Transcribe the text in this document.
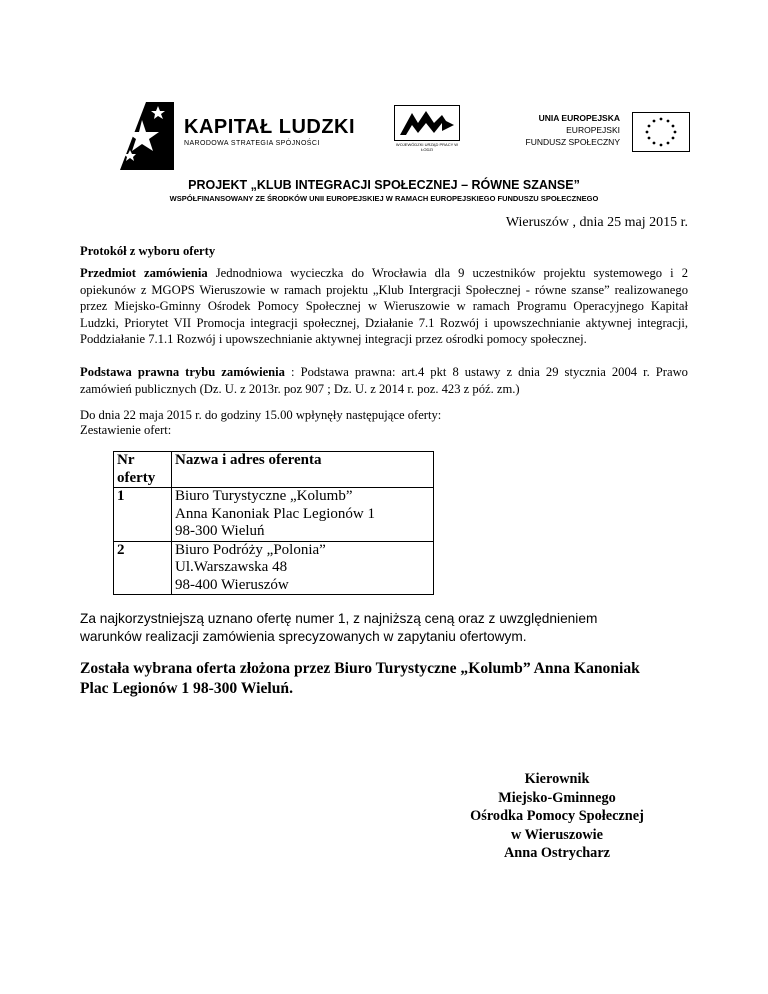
KAPITAŁ LUDZKI
NARODOWA STRATEGIA SPÓJNOŚCI	WOJEWÓDZKI URZĄD PRACY W ŁODZI
UNIA EUROPEJSKA
EUROPEJSKI
FUNDUSZ SPOŁECZNY
PROJEKT „KLUB INTEGRACJI SPOŁECZNEJ – RÓWNE SZANSE”
WSPÓŁFINANSOWANY ZE ŚRODKÓW UNII EUROPEJSKIEJ W RAMACH EUROPEJSKIEGO FUNDUSZU SPOŁECZNEGO
Wieruszów , dnia 25 maj 2015 r.
Protokół z wyboru oferty
Przedmiot zamówienia Jednodniowa wycieczka do Wrocławia dla 9 uczestników projektu systemowego i 2 opiekunów z MGOPS Wieruszowie w ramach projektu „Klub Intergracji Społecznej - równe szanse” realizowanego przez Miejsko-Gminny Ośrodek Pomocy Społecznej w Wieruszowie w ramach Programu Operacyjnego Kapitał Ludzki, Priorytet VII Promocja integracji społecznej, Działanie 7.1 Rozwój i upowszechnianie aktywnej integracji, Poddziałanie 7.1.1 Rozwój i upowszechnianie aktywnej integracji przez ośrodki pomocy społecznej.
Podstawa prawna trybu zamówienia : Podstawa prawna: art.4 pkt 8 ustawy z dnia 29 stycznia 2004 r. Prawo zamówień publicznych (Dz. U. z 2013r. poz 907 ; Dz. U. z 2014 r. poz. 423 z póź. zm.)
Do dnia 22 maja 2015 r. do godziny 15.00 wpłynęły następujące oferty:
Zestawienie ofert:
Nr oferty	Nazwa i adres oferenta
1	Biuro Turystyczne „Kolumb”
Anna Kanoniak Plac Legionów 1
98-300 Wieluń

2	Biuro Podróży „Polonia”
Ul.Warszawska 48
98-400 Wieruszów
Za najkorzystniejszą uznano ofertę numer 1, z najniższą ceną oraz z uwzględnieniem warunków realizacji zamówienia sprecyzowanych w zapytaniu ofertowym.
Została wybrana oferta złożona przez Biuro Turystyczne „Kolumb” Anna Kanoniak
Plac Legionów 1 98-300 Wieluń.
Kierownik
Miejsko-Gminnego
Ośrodka Pomocy Społecznej
w Wieruszowie
Anna Ostrycharz
